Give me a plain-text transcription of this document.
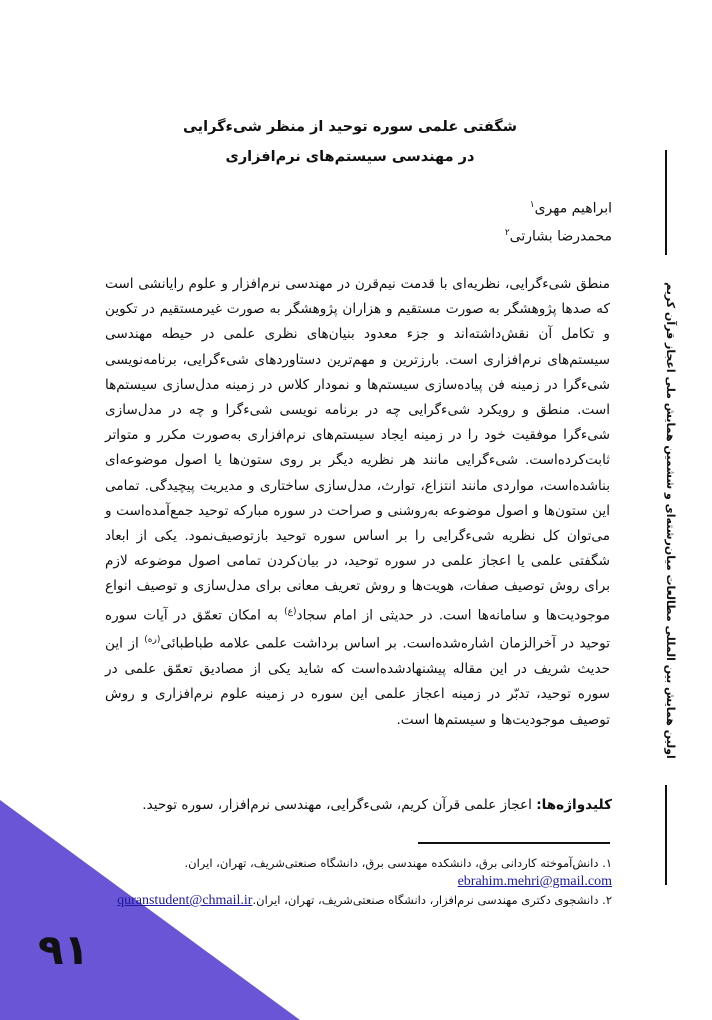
۹۱
اولین همایش بین المللی مطالعات میان‌رشته‌ای و ششمین همایش ملی اعجاز قرآن کریم
شگفتی علمی سوره توحید از منظر شیءگرایی
در مهندسی سیستم‌های نرم‌افزاری
ابراهیم مهری$^۱$
محمدرضا بشارتی$^۲$
منطق شیءگرایی، نظریه‌ای با قدمت نیم‌قرن در مهندسی نرم‌افزار و علوم رایانشی است که صدها پژوهشگر به صورت مستقیم و هزاران پژوهشگر به صورت غیرمستقیم در تکوین و تکامل آن نقش‌داشته‌اند و جزء معدود بنیان‌های نظری علمی در حیطه مهندسی سیستم‌های نرم‌افزاری است. بارزترین و مهم‌ترین دستاوردهای شیءگرایی، برنامه‌نویسی شیءگرا در زمینه فن پیاده‌سازی سیستم‌ها و نمودار کلاس در زمینه مدل‌سازی سیستم‌ها است. منطق و رویکرد شیءگرایی چه در برنامه نویسی شیءگرا و چه در مدل‌سازی شیءگرا موفقیت خود را در زمینه ایجاد سیستم‌های نرم‌افزاری به‌صورت مکرر و متواتر ثابت‌کرده‌است. شیءگرایی مانند هر نظریه دیگر بر روی ستون‌ها یا اصول موضوعه‌ای بناشده‌است، مواردی مانند انتزاع، توارث، مدل‌سازی ساختاری و مدیریت پیچیدگی. تمامی این ستون‌ها و اصول موضوعه به‌روشنی و صراحت در سوره مبارکه توحید جمع‌آمده‌است و می‌توان کل نظریه شیءگرایی را بر اساس سوره توحید بازتوصیف‌نمود. یکی از ابعاد شگفتی علمی یا اعجاز علمی در سوره توحید، در بیان‌کردن تمامی اصول موضوعه لازم برای روش توصیف صفات، هویت‌ها و روش تعریف معانی برای مدل‌سازی و توصیف انواع موجودیت‌ها و سامانه‌ها است. در حدیثی از امام سجاد$^{(ع)}$ به امکان تعمّق در آیات سوره توحید در آخرالزمان اشاره‌شده‌است. بر اساس برداشت علمی علامه طباطبائی$^{(ره)}$ از این حدیث شریف در این مقاله پیشنهادشده‌است که شاید یکی از مصادیق تعمّق علمی در سوره توحید، تدبّر در زمینه اعجاز علمی این سوره در زمینه علوم نرم‌افزاری و روش توصیف موجودیت‌ها و سیستم‌ها است.
کلیدواژه‌ها: اعجاز علمی قرآن کریم، شیءگرایی، مهندسی نرم‌افزار، سوره توحید.
۱. دانش‌آموخته کاردانی برق، دانشکده مهندسی برق، دانشگاه صنعتی‌شریف، تهران، ایران.
ebrahim.mehri@gmail.com
۲. دانشجوی دکتری مهندسی نرم‌افزار، دانشگاه صنعتی‌شریف، تهران، ایران.quranstudent@chmail.ir
